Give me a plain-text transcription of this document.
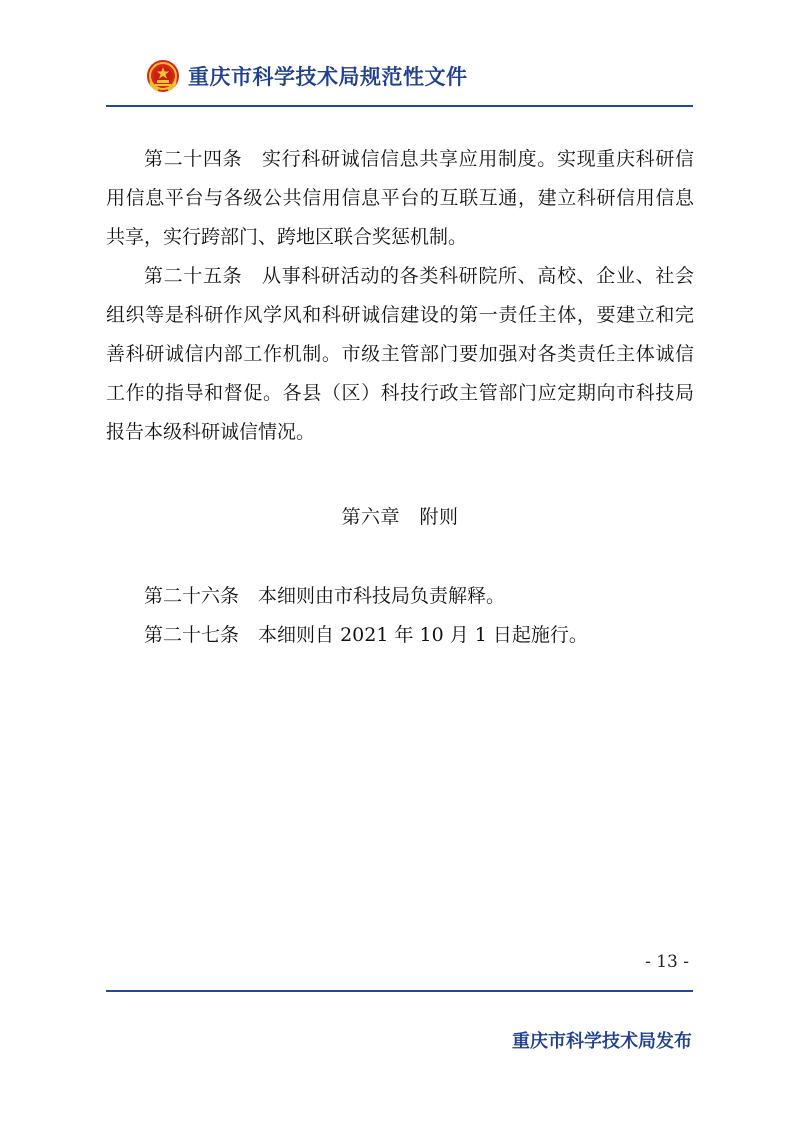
重庆市科学技术局规范性文件

第二十四条　 实行科研诚信信息共享应用制度。实现重庆科研信用信息平台与各级公共信用信息平台的互联互通，建立科研信用信息共享，实行跨部门、跨地区联合奖惩机制。

第二十五条　 从事科研活动的各类科研院所、高校、企业、社会组织等是科研作风学风和科研诚信建设的第一责任主体，要建立和完善科研诚信内部工作机制。市级主管部门要加强对各类责任主体诚信工作的指导和督促。各县（区）科技行政主管部门应定期向市科技局报告本级科研诚信情况。

第六章　附则

第二十六条　 本细则由市科技局负责解释。

第二十七条　 本细则自 2021 年 10 月 1 日起施行。

- 13 -
重庆市科学技术局发布
